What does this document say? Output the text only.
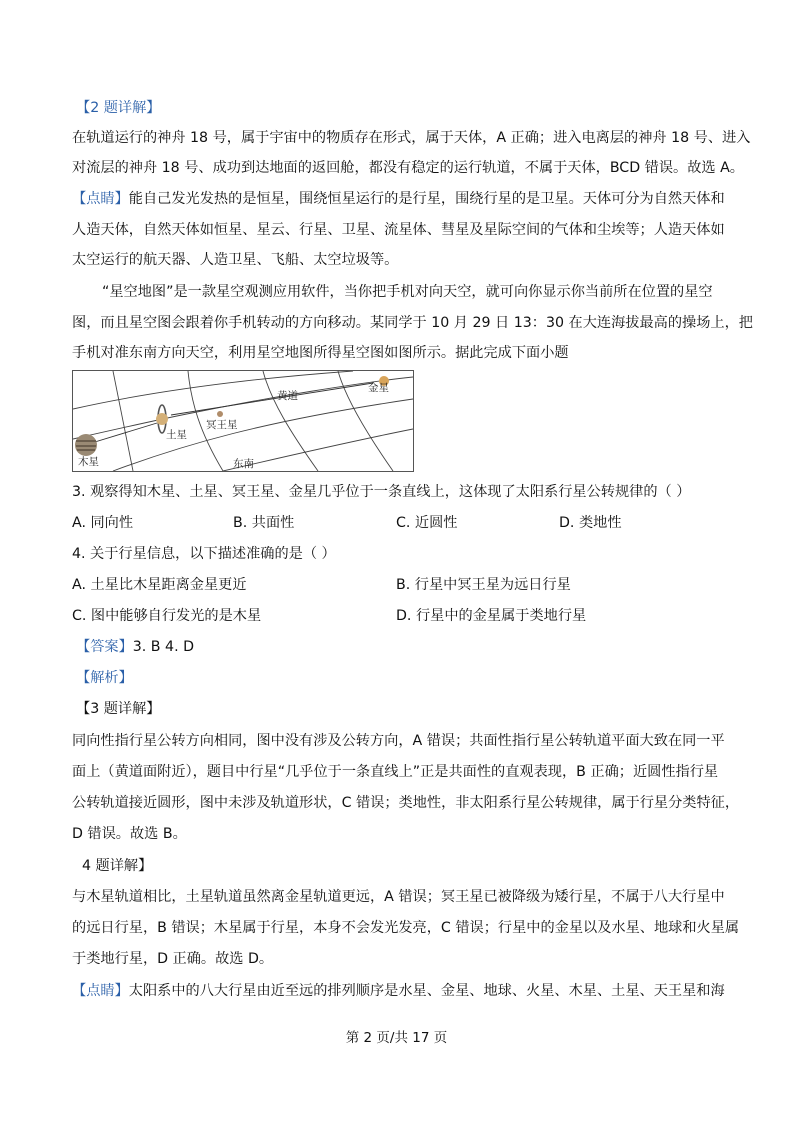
【2 题详解】
在轨道运行的神舟 18 号，属于宇宙中的物质存在形式，属于天体，A 正确；进入电离层的神舟 18 号、进入
对流层的神舟 18 号、成功到达地面的返回舱，都没有稳定的运行轨道，不属于天体，BCD 错误。故选 A。
【点睛】能自己发光发热的是恒星，围绕恒星运行的是行星，围绕行星的是卫星。天体可分为自然天体和
人造天体，自然天体如恒星、星云、行星、卫星、流星体、彗星及星际空间的气体和尘埃等；人造天体如
太空运行的航天器、人造卫星、飞船、太空垃圾等。
“星空地图”是一款星空观测应用软件，当你把手机对向天空，就可向你显示你当前所在位置的星空
图，而且星空图会跟着你手机转动的方向移动。某同学于 10 月 29 日 13：30 在大连海拔最高的操场上，把
手机对准东南方向天空，利用星空地图所得星空图如图所示。据此完成下面小题
木星
土星
冥王星
金星
黄道
东南
3. 观察得知木星、土星、冥王星、金星几乎位于一条直线上，这体现了太阳系行星公转规律的（ ）
A. 同向性	B. 共面性	C. 近圆性	D. 类地性
4. 关于行星信息，以下描述准确的是（ ）
A. 土星比木星距离金星更近	B. 行星中冥王星为远日行星
C. 图中能够自行发光的是木星	D. 行星中的金星属于类地行星
【答案】3. B 4. D
【解析】
【3 题详解】
同向性指行星公转方向相同，图中没有涉及公转方向，A 错误；共面性指行星公转轨道平面大致在同一平
面上（黄道面附近），题目中行星“几乎位于一条直线上”正是共面性的直观表现，B 正确；近圆性指行星
公转轨道接近圆形，图中未涉及轨道形状，C 错误；类地性，非太阳系行星公转规律，属于行星分类特征，
D 错误。故选 B。
4 题详解】
与木星轨道相比，土星轨道虽然离金星轨道更远，A 错误；冥王星已被降级为矮行星，不属于八大行星中
的远日行星，B 错误；木星属于行星，本身不会发光发亮，C 错误；行星中的金星以及水星、地球和火星属
于类地行星，D 正确。故选 D。
【点睛】太阳系中的八大行星由近至远的排列顺序是水星、金星、地球、火星、木星、土星、天王星和海
第 2 页/共 17 页
